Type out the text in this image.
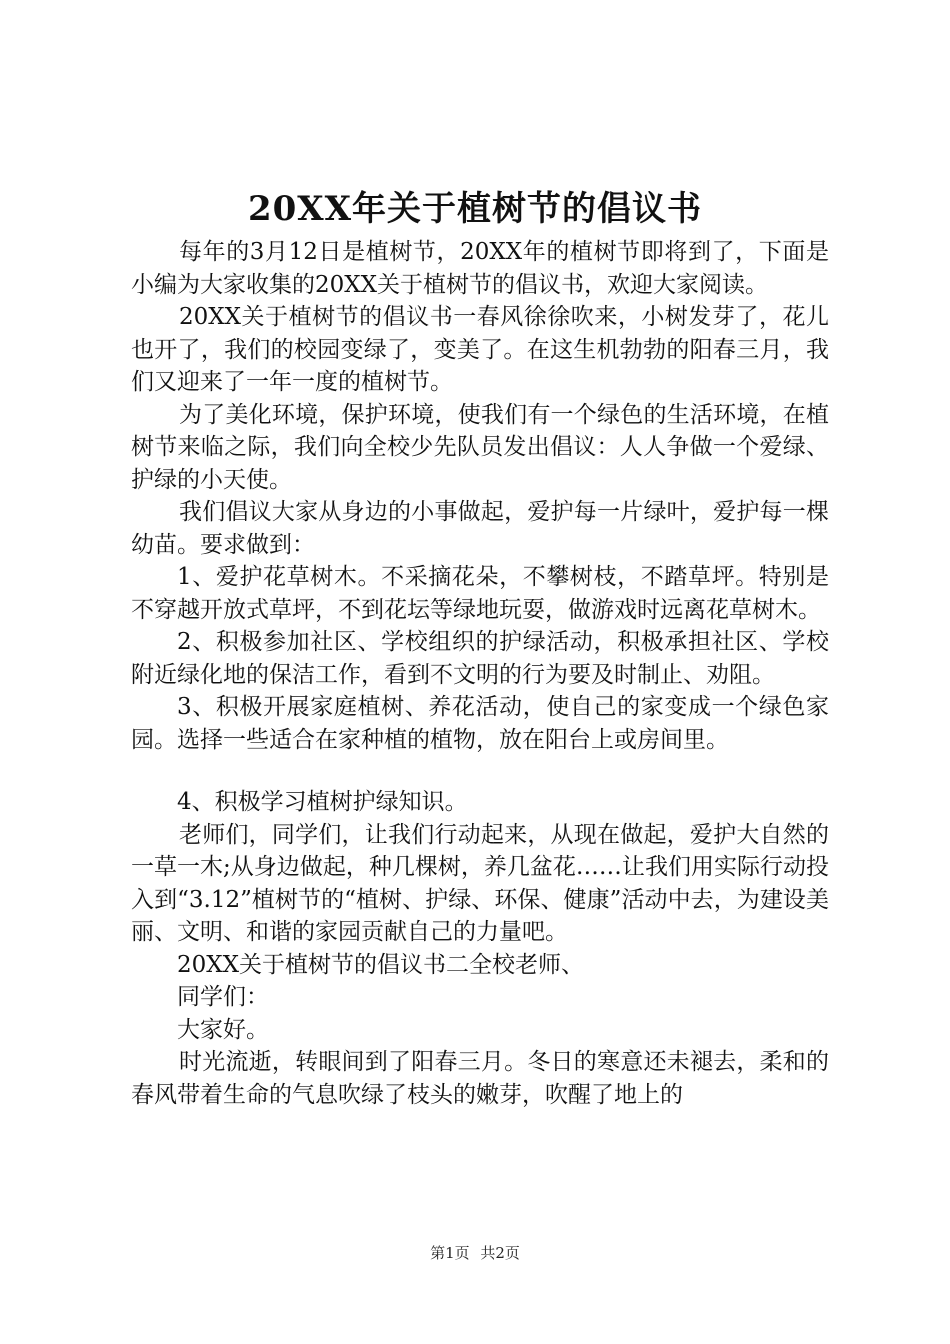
20XX年关于植树节的倡议书

每年的3月12日是植树节，20XX年的植树节即将到了，下面是小编为大家收集的20XX关于植树节的倡议书，欢迎大家阅读。

20XX关于植树节的倡议书一春风徐徐吹来，小树发芽了，花儿也开了，我们的校园变绿了，变美了。在这生机勃勃的阳春三月，我们又迎来了一年一度的植树节。

为了美化环境，保护环境，使我们有一个绿色的生活环境，在植树节来临之际，我们向全校少先队员发出倡议：人人争做一个爱绿、护绿的小天使。

我们倡议大家从身边的小事做起，爱护每一片绿叶，爱护每一棵幼苗。要求做到：

1、爱护花草树木。不采摘花朵，不攀树枝，不踏草坪。特别是不穿越开放式草坪，不到花坛等绿地玩耍，做游戏时远离花草树木。

2、积极参加社区、学校组织的护绿活动，积极承担社区、学校附近绿化地的保洁工作，看到不文明的行为要及时制止、劝阻。

3、积极开展家庭植树、养花活动，使自己的家变成一个绿色家园。选择一些适合在家种植的植物，放在阳台上或房间里。

4、积极学习植树护绿知识。

老师们，同学们，让我们行动起来，从现在做起，爱护大自然的一草一木;从身边做起，种几棵树，养几盆花……让我们用实际行动投入到“3.12”植树节的“植树、护绿、环保、健康”活动中去，为建设美丽、文明、和谐的家园贡献自己的力量吧。

20XX关于植树节的倡议书二全校老师、

同学们：

大家好。

时光流逝，转眼间到了阳春三月。冬日的寒意还未褪去，柔和的春风带着生命的气息吹绿了枝头的嫩芽，吹醒了地上的

第1页 共2页
